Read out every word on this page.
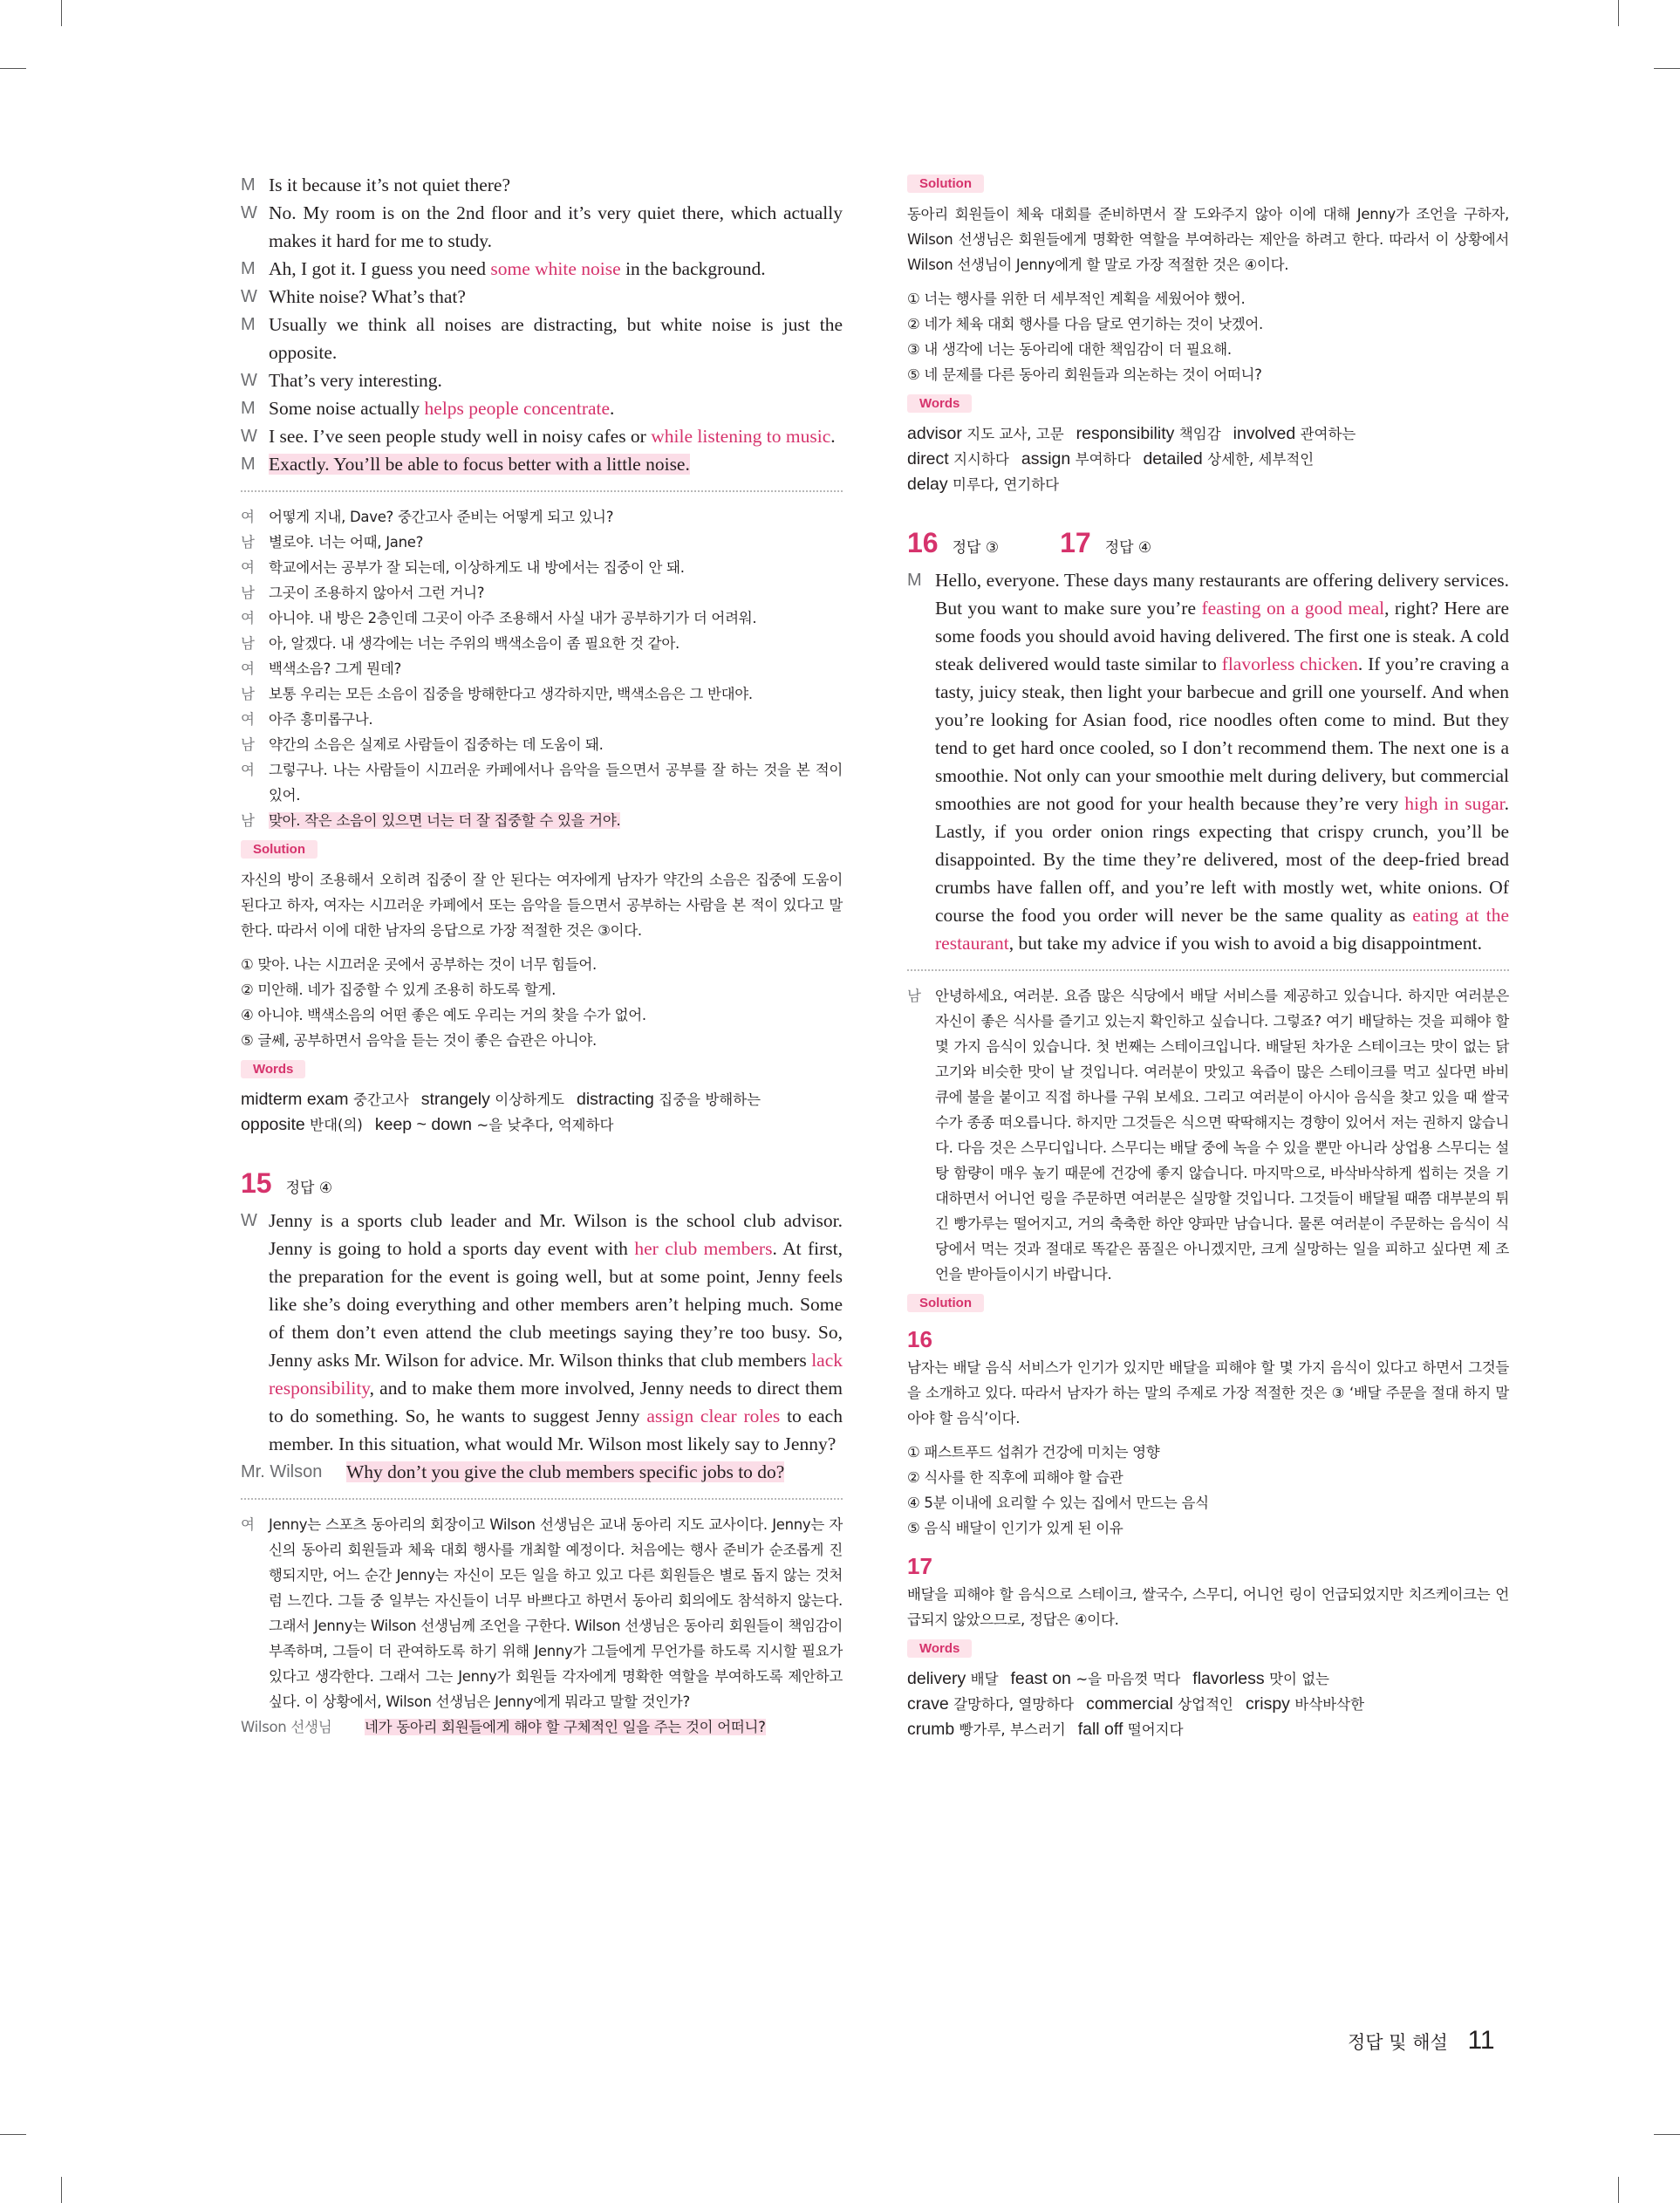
M Is it because it’s not quiet there?
W No. My room is on the 2nd floor and it’s very quiet there, which actually makes it hard for me to study.
M Ah, I got it. I guess you need some white noise in the background.
W White noise? What’s that?
M Usually we think all noises are distracting, but white noise is just the opposite.
W That’s very interesting.
M Some noise actually helps people concentrate.
W I see. I’ve seen people study well in noisy cafes or while listening to music.
M Exactly. You’ll be able to focus better with a little noise.
여 어떻게 지내, Dave? 중간고사 준비는 어떻게 되고 있니?
남 별로야. 너는 어때, Jane?
여 학교에서는 공부가 잘 되는데, 이상하게도 내 방에서는 집중이 안 돼.
남 그곳이 조용하지 않아서 그런 거니?
여 아니야. 내 방은 2층인데 그곳이 아주 조용해서 사실 내가 공부하기가 더 어려워.
남 아, 알겠다. 내 생각에는 너는 주위의 백색소음이 좀 필요한 것 같아.
여 백색소음? 그게 뭔데?
남 보통 우리는 모든 소음이 집중을 방해한다고 생각하지만, 백색소음은 그 반대야.
여 아주 흥미롭구나.
남 약간의 소음은 실제로 사람들이 집중하는 데 도움이 돼.
여 그렇구나. 나는 사람들이 시끄러운 카페에서나 음악을 들으면서 공부를 잘 하는 것을 본 적이 있어.
남 맞아. 작은 소음이 있으면 너는 더 잘 집중할 수 있을 거야.
Solution
자신의 방이 조용해서 오히려 집중이 잘 안 된다는 여자에게 남자가 약간의 소음은 집중에 도움이 된다고 하자, 여자는 시끄러운 카페에서 또는 음악을 들으면서 공부하는 사람을 본 적이 있다고 말한다. 따라서 이에 대한 남자의 응답으로 가장 적절한 것은 ③이다.
① 맞아. 나는 시끄러운 곳에서 공부하는 것이 너무 힘들어.
② 미안해. 네가 집중할 수 있게 조용히 하도록 할게.
④ 아니야. 백색소음의 어떤 좋은 예도 우리는 거의 찾을 수가 없어.
⑤ 글쎄, 공부하면서 음악을 듣는 것이 좋은 습관은 아니야.
Words
midterm exam 중간고사 strangely 이상하게도 distracting 집중을 방해하는
opposite 반대(의) keep ~ down ~을 낮추다, 억제하다
15 정답 ④
W Jenny is a sports club leader and Mr. Wilson is the school club advisor. Jenny is going to hold a sports day event with her club members. At first, the preparation for the event is going well, but at some point, Jenny feels like she’s doing everything and other members aren’t helping much. Some of them don’t even attend the club meetings saying they’re too busy. So, Jenny asks Mr. Wilson for advice. Mr. Wilson thinks that club members lack responsibility, and to make them more involved, Jenny needs to direct them to do something. So, he wants to suggest Jenny assign clear roles to each member. In this situation, what would Mr. Wilson most likely say to Jenny?
Mr. Wilson	Why don’t you give the club members specific jobs to do?
여 Jenny는 스포츠 동아리의 회장이고 Wilson 선생님은 교내 동아리 지도 교사이다. Jenny는 자신의 동아리 회원들과 체육 대회 행사를 개최할 예정이다. 처음에는 행사 준비가 순조롭게 진행되지만, 어느 순간 Jenny는 자신이 모든 일을 하고 있고 다른 회원들은 별로 돕지 않는 것처럼 느낀다. 그들 중 일부는 자신들이 너무 바쁘다고 하면서 동아리 회의에도 참석하지 않는다. 그래서 Jenny는 Wilson 선생님께 조언을 구한다. Wilson 선생님은 동아리 회원들이 책임감이 부족하며, 그들이 더 관여하도록 하기 위해 Jenny가 그들에게 무언가를 하도록 지시할 필요가 있다고 생각한다. 그래서 그는 Jenny가 회원들 각자에게 명확한 역할을 부여하도록 제안하고 싶다. 이 상황에서, Wilson 선생님은 Jenny에게 뭐라고 말할 것인가?
Wilson 선생님	네가 동아리 회원들에게 해야 할 구체적인 일을 주는 것이 어떠니?
Solution
동아리 회원들이 체육 대회를 준비하면서 잘 도와주지 않아 이에 대해 Jenny가 조언을 구하자, Wilson 선생님은 회원들에게 명확한 역할을 부여하라는 제안을 하려고 한다. 따라서 이 상황에서 Wilson 선생님이 Jenny에게 할 말로 가장 적절한 것은 ④이다.
① 너는 행사를 위한 더 세부적인 계획을 세웠어야 했어.
② 네가 체육 대회 행사를 다음 달로 연기하는 것이 낫겠어.
③ 내 생각에 너는 동아리에 대한 책임감이 더 필요해.
⑤ 네 문제를 다른 동아리 회원들과 의논하는 것이 어떠니?
Words
advisor 지도 교사, 고문 responsibility 책임감 involved 관여하는
direct 지시하다 assign 부여하다 detailed 상세한, 세부적인
delay 미루다, 연기하다
16 정답 ③ 17 정답 ④
M Hello, everyone. These days many restaurants are offering delivery services. But you want to make sure you’re feasting on a good meal, right? Here are some foods you should avoid having delivered. The first one is steak. A cold steak delivered would taste similar to flavorless chicken. If you’re craving a tasty, juicy steak, then light your barbecue and grill one yourself. And when you’re looking for Asian food, rice noodles often come to mind. But they tend to get hard once cooled, so I don’t recommend them. The next one is a smoothie. Not only can your smoothie melt during delivery, but commercial smoothies are not good for your health because they’re very high in sugar. Lastly, if you order onion rings expecting that crispy crunch, you’ll be disappointed. By the time they’re delivered, most of the deep-fried bread crumbs have fallen off, and you’re left with mostly wet, white onions. Of course the food you order will never be the same quality as eating at the restaurant, but take my advice if you wish to avoid a big disappointment.
남 안녕하세요, 여러분. 요즘 많은 식당에서 배달 서비스를 제공하고 있습니다. 하지만 여러분은 자신이 좋은 식사를 즐기고 있는지 확인하고 싶습니다. 그렇죠? 여기 배달하는 것을 피해야 할 몇 가지 음식이 있습니다. 첫 번째는 스테이크입니다. 배달된 차가운 스테이크는 맛이 없는 닭고기와 비슷한 맛이 날 것입니다. 여러분이 맛있고 육즙이 많은 스테이크를 먹고 싶다면 바비큐에 불을 붙이고 직접 하나를 구워 보세요. 그리고 여러분이 아시아 음식을 찾고 있을 때 쌀국수가 종종 떠오릅니다. 하지만 그것들은 식으면 딱딱해지는 경향이 있어서 저는 권하지 않습니다. 다음 것은 스무디입니다. 스무디는 배달 중에 녹을 수 있을 뿐만 아니라 상업용 스무디는 설탕 함량이 매우 높기 때문에 건강에 좋지 않습니다. 마지막으로, 바삭바삭하게 씹히는 것을 기대하면서 어니언 링을 주문하면 여러분은 실망할 것입니다. 그것들이 배달될 때쯤 대부분의 튀긴 빵가루는 떨어지고, 거의 축축한 하얀 양파만 남습니다. 물론 여러분이 주문하는 음식이 식당에서 먹는 것과 절대로 똑같은 품질은 아니겠지만, 크게 실망하는 일을 피하고 싶다면 제 조언을 받아들이시기 바랍니다.
Solution
16
남자는 배달 음식 서비스가 인기가 있지만 배달을 피해야 할 몇 가지 음식이 있다고 하면서 그것들을 소개하고 있다. 따라서 남자가 하는 말의 주제로 가장 적절한 것은 ③ ‘배달 주문을 절대 하지 말아야 할 음식’이다.
① 패스트푸드 섭취가 건강에 미치는 영향
② 식사를 한 직후에 피해야 할 습관
④ 5분 이내에 요리할 수 있는 집에서 만드는 음식
⑤ 음식 배달이 인기가 있게 된 이유
17
배달을 피해야 할 음식으로 스테이크, 쌀국수, 스무디, 어니언 링이 언급되었지만 치즈케이크는 언급되지 않았으므로, 정답은 ④이다.
Words
delivery 배달 feast on ~을 마음껏 먹다 flavorless 맛이 없는
crave 갈망하다, 열망하다 commercial 상업적인 crispy 바삭바삭한
crumb 빵가루, 부스러기 fall off 떨어지다
정답 및 해설 11
